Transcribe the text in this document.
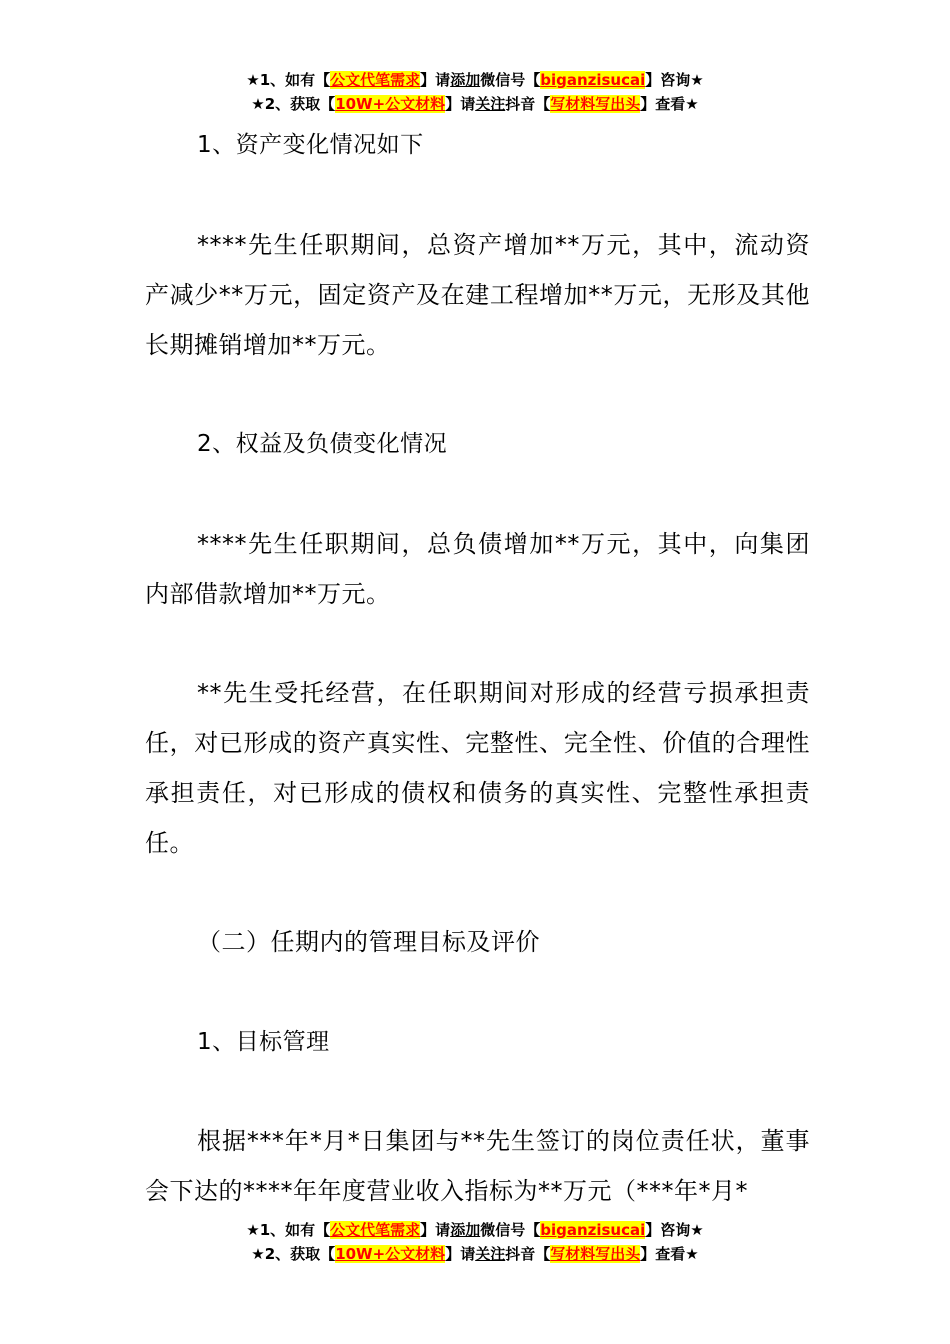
★1、如有【公文代笔需求】请添加微信号【biganzisucai】咨询★
★2、获取【10W+公文材料】请关注抖音【写材料写出头】查看★

1、资产变化情况如下

****先生任职期间，总资产增加**万元，其中，流动资产减少**万元，固定资产及在建工程增加**万元，无形及其他长期摊销增加**万元。

2、权益及负债变化情况

****先生任职期间，总负债增加**万元，其中，向集团内部借款增加**万元。

**先生受托经营，在任职期间对形成的经营亏损承担责任，对已形成的资产真实性、完整性、完全性、价值的合理性承担责任，对已形成的债权和债务的真实性、完整性承担责任。

（二）任期内的管理目标及评价

1、目标管理

根据***年*月*日集团与**先生签订的岗位责任状，董事会下达的****年年度营业收入指标为**万元（***年*月*

★1、如有【公文代笔需求】请添加微信号【biganzisucai】咨询★
★2、获取【10W+公文材料】请关注抖音【写材料写出头】查看★
